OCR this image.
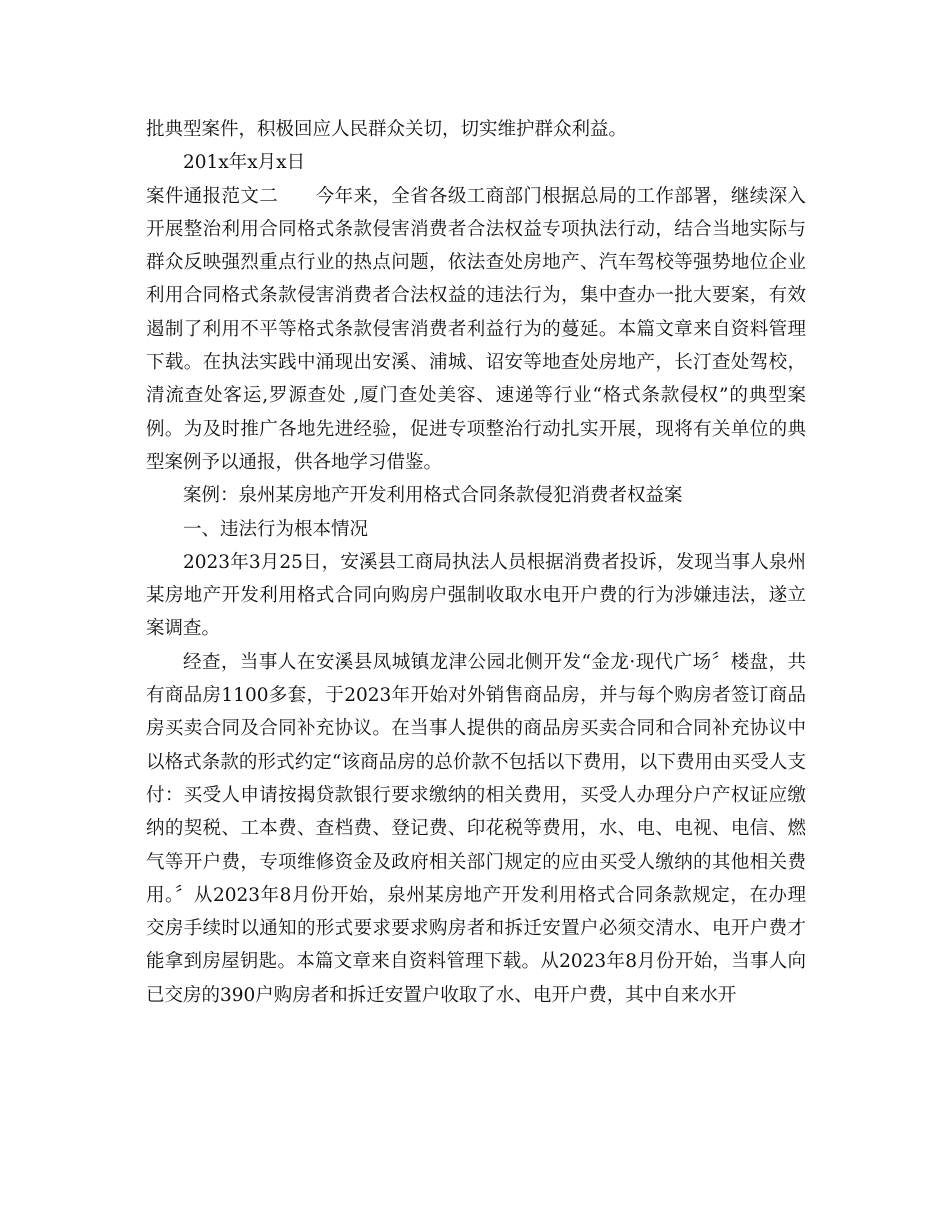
批典型案件，积极回应人民群众关切，切实维护群众利益。

201x年x月x日

案件通报范文二　　今年来，全省各级工商部门根据总局的工作部署，继续深入开展整治利用合同格式条款侵害消费者合法权益专项执法行动，结合当地实际与群众反映强烈重点行业的热点问题，依法查处房地产、汽车驾校等强势地位企业利用合同格式条款侵害消费者合法权益的违法行为，集中查办一批大要案，有效遏制了利用不平等格式条款侵害消费者利益行为的蔓延。本篇文章来自资料管理下载。在执法实践中涌现出安溪、浦城、诏安等地查处房地产，长汀查处驾校，清流查处客运,罗源查处 ,厦门查处美容、速递等行业“格式条款侵权”的典型案例。为及时推广各地先进经验，促进专项整治行动扎实开展，现将有关单位的典型案例予以通报，供各地学习借鉴。

案例：泉州某房地产开发利用格式合同条款侵犯消费者权益案

一、违法行为根本情况

2023年3月25日，安溪县工商局执法人员根据消费者投诉，发现当事人泉州某房地产开发利用格式合同向购房户强制收取水电开户费的行为涉嫌违法，遂立案调查。

经查，当事人在安溪县凤城镇龙津公园北侧开发“金龙·现代广场〞楼盘，共有商品房1100多套，于2023年开始对外销售商品房，并与每个购房者签订商品房买卖合同及合同补充协议。在当事人提供的商品房买卖合同和合同补充协议中以格式条款的形式约定“该商品房的总价款不包括以下费用，以下费用由买受人支付：买受人申请按揭贷款银行要求缴纳的相关费用，买受人办理分户产权证应缴纳的契税、工本费、查档费、登记费、印花税等费用，水、电、电视、电信、燃气等开户费，专项维修资金及政府相关部门规定的应由买受人缴纳的其他相关费用。〞从2023年8月份开始，泉州某房地产开发利用格式合同条款规定，在办理交房手续时以通知的形式要求要求购房者和拆迁安置户必须交清水、电开户费才能拿到房屋钥匙。本篇文章来自资料管理下载。从2023年8月份开始，当事人向已交房的390户购房者和拆迁安置户收取了水、电开户费，其中自来水开
